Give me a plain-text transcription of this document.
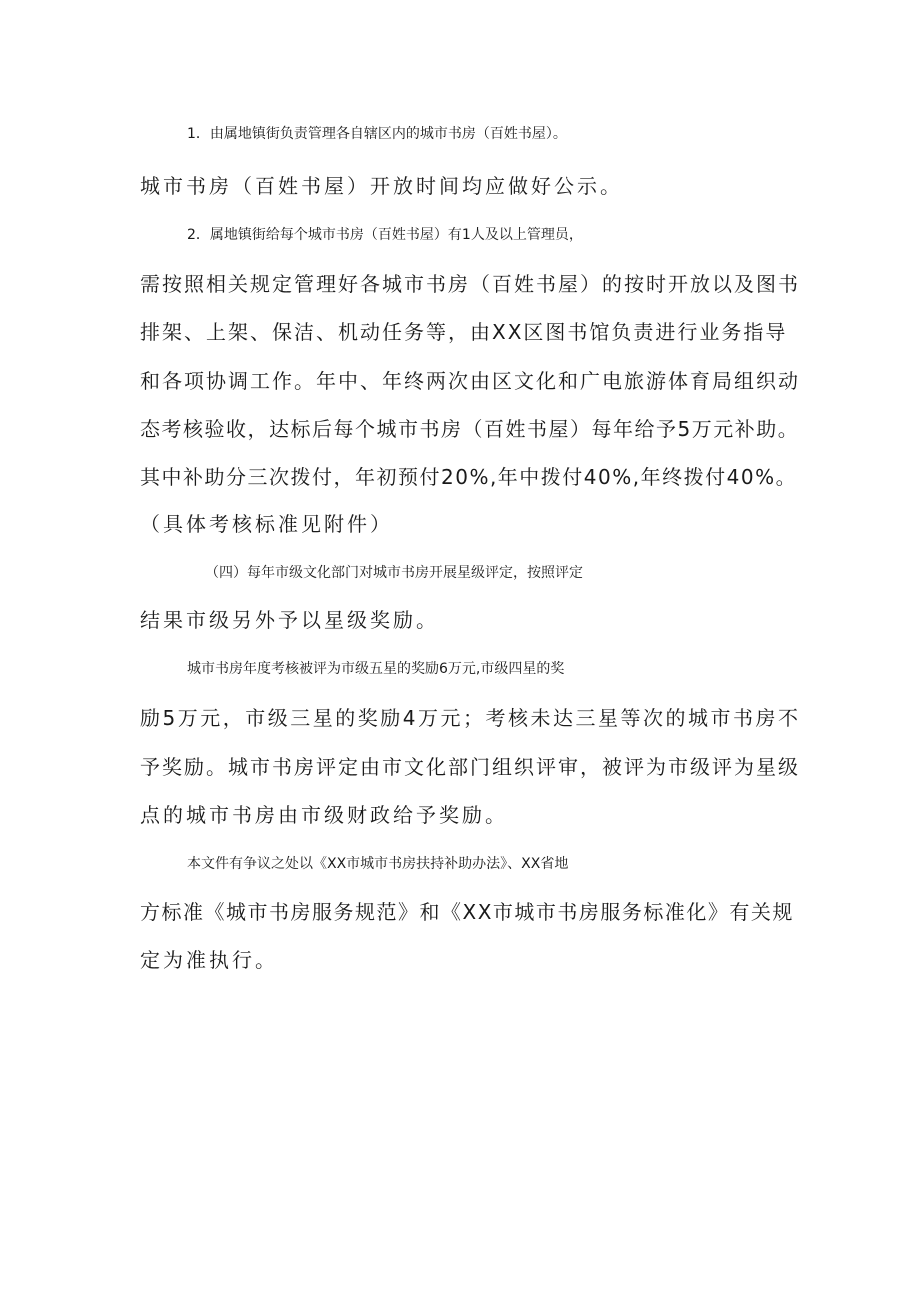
1．由属地镇街负责管理各自辖区内的城市书房（百姓书屋）。
城市书房（百姓书屋）开放时间均应做好公示。
2．属地镇街给每个城市书房（百姓书屋）有1人及以上管理员，
需按照相关规定管理好各城市书房（百姓书屋）的按时开放以及图书
排架、上架、保洁、机动任务等，由XX区图书馆负责进行业务指导
和各项协调工作。年中、年终两次由区文化和广电旅游体育局组织动
态考核验收，达标后每个城市书房（百姓书屋）每年给予5万元补助。
其中补助分三次拨付，年初预付20%,年中拨付40%,年终拨付40%。
（具体考核标准见附件）
（四）每年市级文化部门对城市书房开展星级评定，按照评定
结果市级另外予以星级奖励。
城市书房年度考核被评为市级五星的奖励6万元,市级四星的奖
励5万元，市级三星的奖励4万元；考核未达三星等次的城市书房不
予奖励。城市书房评定由市文化部门组织评审，被评为市级评为星级
点的城市书房由市级财政给予奖励。
本文件有争议之处以《XX市城市书房扶持补助办法》、XX省地
方标准《城市书房服务规范》和《XX市城市书房服务标准化》有关规
定为准执行。
